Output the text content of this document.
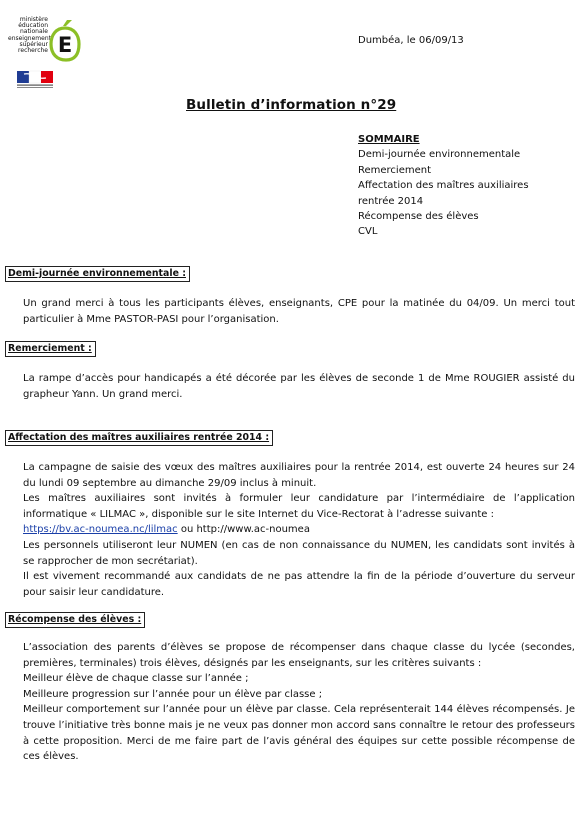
ministère
éducation
nationale
enseignement
supérieur
recherche E	Dumbéa, le 06/09/13
Bulletin d’information n°29
SOMMAIRE
Demi-journée environnementale
Remerciement
Affectation des maîtres auxiliaires rentrée 2014
Récompense des élèves
CVL
Demi-journée environnementale :
Un grand merci à tous les participants élèves, enseignants, CPE pour la matinée du 04/09. Un merci tout particulier à Mme PASTOR-PASI pour l’organisation.
Remerciement :
La rampe d’accès pour handicapés a été décorée par les élèves de seconde 1 de Mme ROUGIER assisté du grapheur Yann. Un grand merci.
Affectation des maîtres auxiliaires rentrée 2014 :
La campagne de saisie des vœux des maîtres auxiliaires pour la rentrée 2014, est ouverte 24 heures sur 24 du lundi 09 septembre au dimanche 29/09 inclus à minuit.
Les maîtres auxiliaires sont invités à formuler leur candidature par l’intermédiaire de l’application informatique « LILMAC », disponible sur le site Internet du Vice-Rectorat à l’adresse suivante :
https://bv.ac-noumea.nc/lilmac ou http://www.ac-noumea
Les personnels utiliseront leur NUMEN (en cas de non connaissance du NUMEN, les candidats sont invités à se rapprocher de mon secrétariat).
Il est vivement recommandé aux candidats de ne pas attendre la fin de la période d’ouverture du serveur pour saisir leur candidature.
Récompense des élèves :
L’association des parents d’élèves se propose de récompenser dans chaque classe du lycée (secondes, premières, terminales) trois élèves, désignés par les enseignants, sur les critères suivants :
Meilleur élève de chaque classe sur l’année ;
Meilleure progression sur l’année pour un élève par classe ;
Meilleur comportement sur l’année pour un élève par classe. Cela représenterait 144 élèves récompensés. Je trouve l’initiative très bonne mais je ne veux pas donner mon accord sans connaître le retour des professeurs à cette proposition. Merci de me faire part de l’avis général des équipes sur cette possible récompense de ces élèves.
